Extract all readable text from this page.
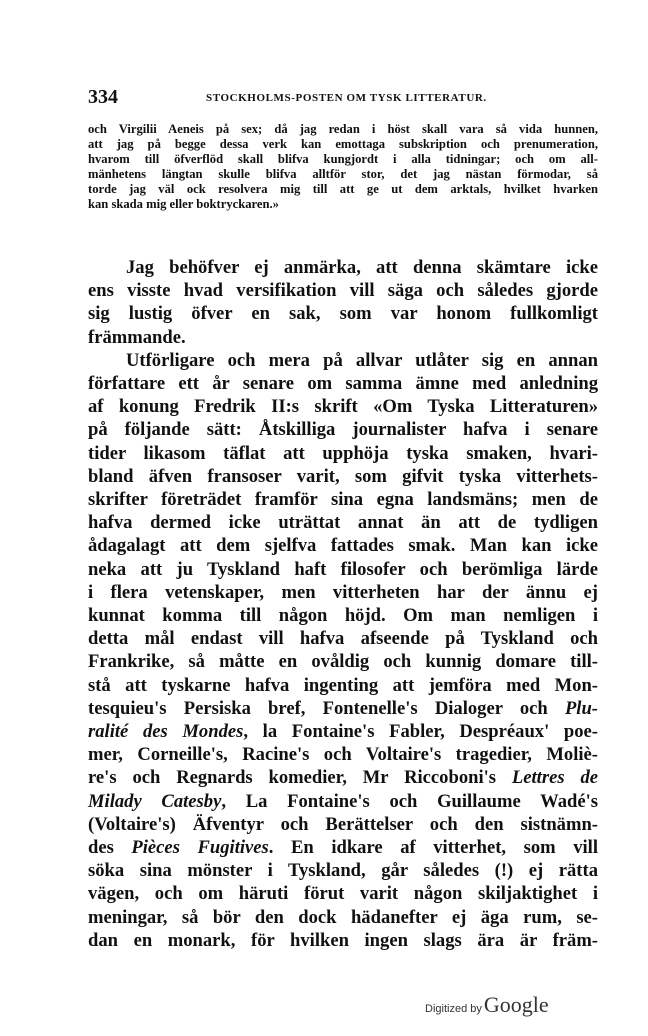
334	STOCKHOLMS-POSTEN OM TYSK LITTERATUR.
och Virgilii Aeneis på sex; då jag redan i höst skall vara så vida hunnen,
att jag på begge dessa verk kan emottaga subskription och prenumeration,
hvarom till öfverflöd skall blifva kungjordt i alla tidningar; och om all-
mänhetens längtan skulle blifva alltför stor, det jag nästan förmodar, så
torde jag väl ock resolvera mig till att ge ut dem arktals, hvilket hvarken
kan skada mig eller boktryckaren.»
Jag behöfver ej anmärka, att denna skämtare icke
ens visste hvad versifikation vill säga och således gjorde
sig lustig öfver en sak, som var honom fullkomligt
främmande.
Utförligare och mera på allvar utlåter sig en annan
författare ett år senare om samma ämne med anledning
af konung Fredrik II:s skrift «Om Tyska Litteraturen»
på följande sätt: Åtskilliga journalister hafva i senare
tider likasom täflat att upphöja tyska smaken, hvari-
bland äfven fransoser varit, som gifvit tyska vitterhets-
skrifter företrädet framför sina egna landsmäns; men de
hafva dermed icke uträttat annat än att de tydligen
ådagalagt att dem sjelfva fattades smak. Man kan icke
neka att ju Tyskland haft filosofer och berömliga lärde
i flera vetenskaper, men vitterheten har der ännu ej
kunnat komma till någon höjd. Om man nemligen i
detta mål endast vill hafva afseende på Tyskland och
Frankrike, så måtte en ovåldig och kunnig domare till-
stå att tyskarne hafva ingenting att jemföra med Mon-
tesquieu's Persiska bref, Fontenelle's Dialoger och Plu-
ralité des Mondes, la Fontaine's Fabler, Despréaux' poe-
mer, Corneille's, Racine's och Voltaire's tragedier, Moliè-
re's och Regnards komedier, Mr Riccoboni's Lettres de
Milady Catesby, La Fontaine's och Guillaume Wadé's
(Voltaire's) Äfventyr och Berättelser och den sistnämn-
des Pièces Fugitives. En idkare af vitterhet, som vill
söka sina mönster i Tyskland, går således (!) ej rätta
vägen, och om häruti förut varit någon skiljaktighet i
meningar, så bör den dock hädanefter ej äga rum, se-
dan en monark, för hvilken ingen slags ära är främ-
Digitized byGoogle
